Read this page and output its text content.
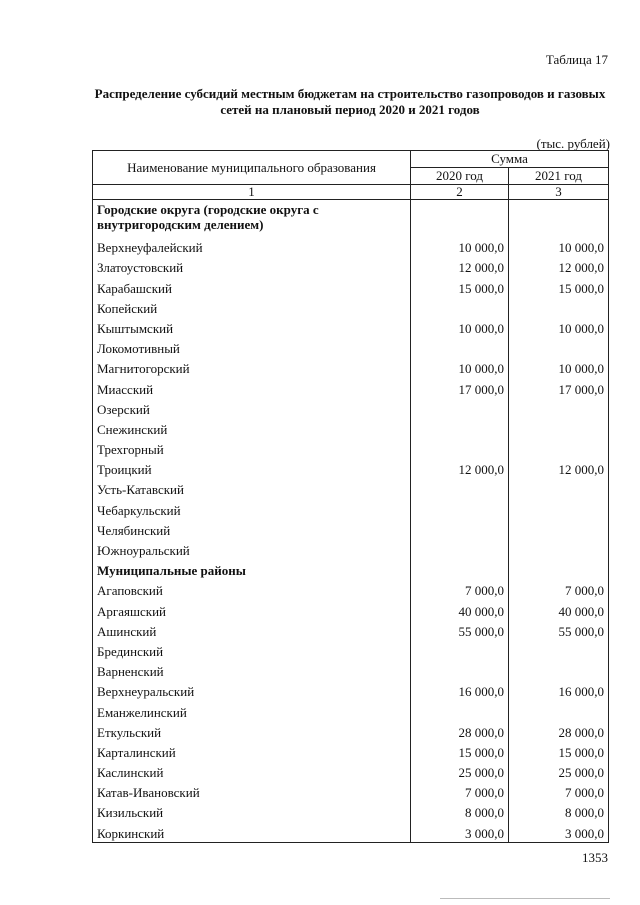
Таблица 17
Распределение субсидий местным бюджетам на строительство газопроводов и газовых сетей на плановый период 2020 и 2021 годов
(тыс. рублей)
Наименование муниципального образования	Сумма	
	2020 год	2021 год
1	2	3
Городские округа (городские округа с внутригородским делением)		
Верхнеуфалейский	10 000,0	10 000,0
Златоустовский	12 000,0	12 000,0
Карабашский	15 000,0	15 000,0
Копейский		
Кыштымский	10 000,0	10 000,0
Локомотивный		
Магнитогорский	10 000,0	10 000,0
Миасский	17 000,0	17 000,0
Озерский		
Снежинский		
Трехгорный		
Троицкий	12 000,0	12 000,0
Усть-Катавский		
Чебаркульский		
Челябинский		
Южноуральский		
Муниципальные районы		
Агаповский	7 000,0	7 000,0
Аргаяшский	40 000,0	40 000,0
Ашинский	55 000,0	55 000,0
Брединский		
Варненский		
Верхнеуральский	16 000,0	16 000,0
Еманжелинский		
Еткульский	28 000,0	28 000,0
Карталинский	15 000,0	15 000,0
Каслинский	25 000,0	25 000,0
Катав-Ивановский	7 000,0	7 000,0
Кизильский	8 000,0	8 000,0
Коркинский	3 000,0	3 000,0
1353
